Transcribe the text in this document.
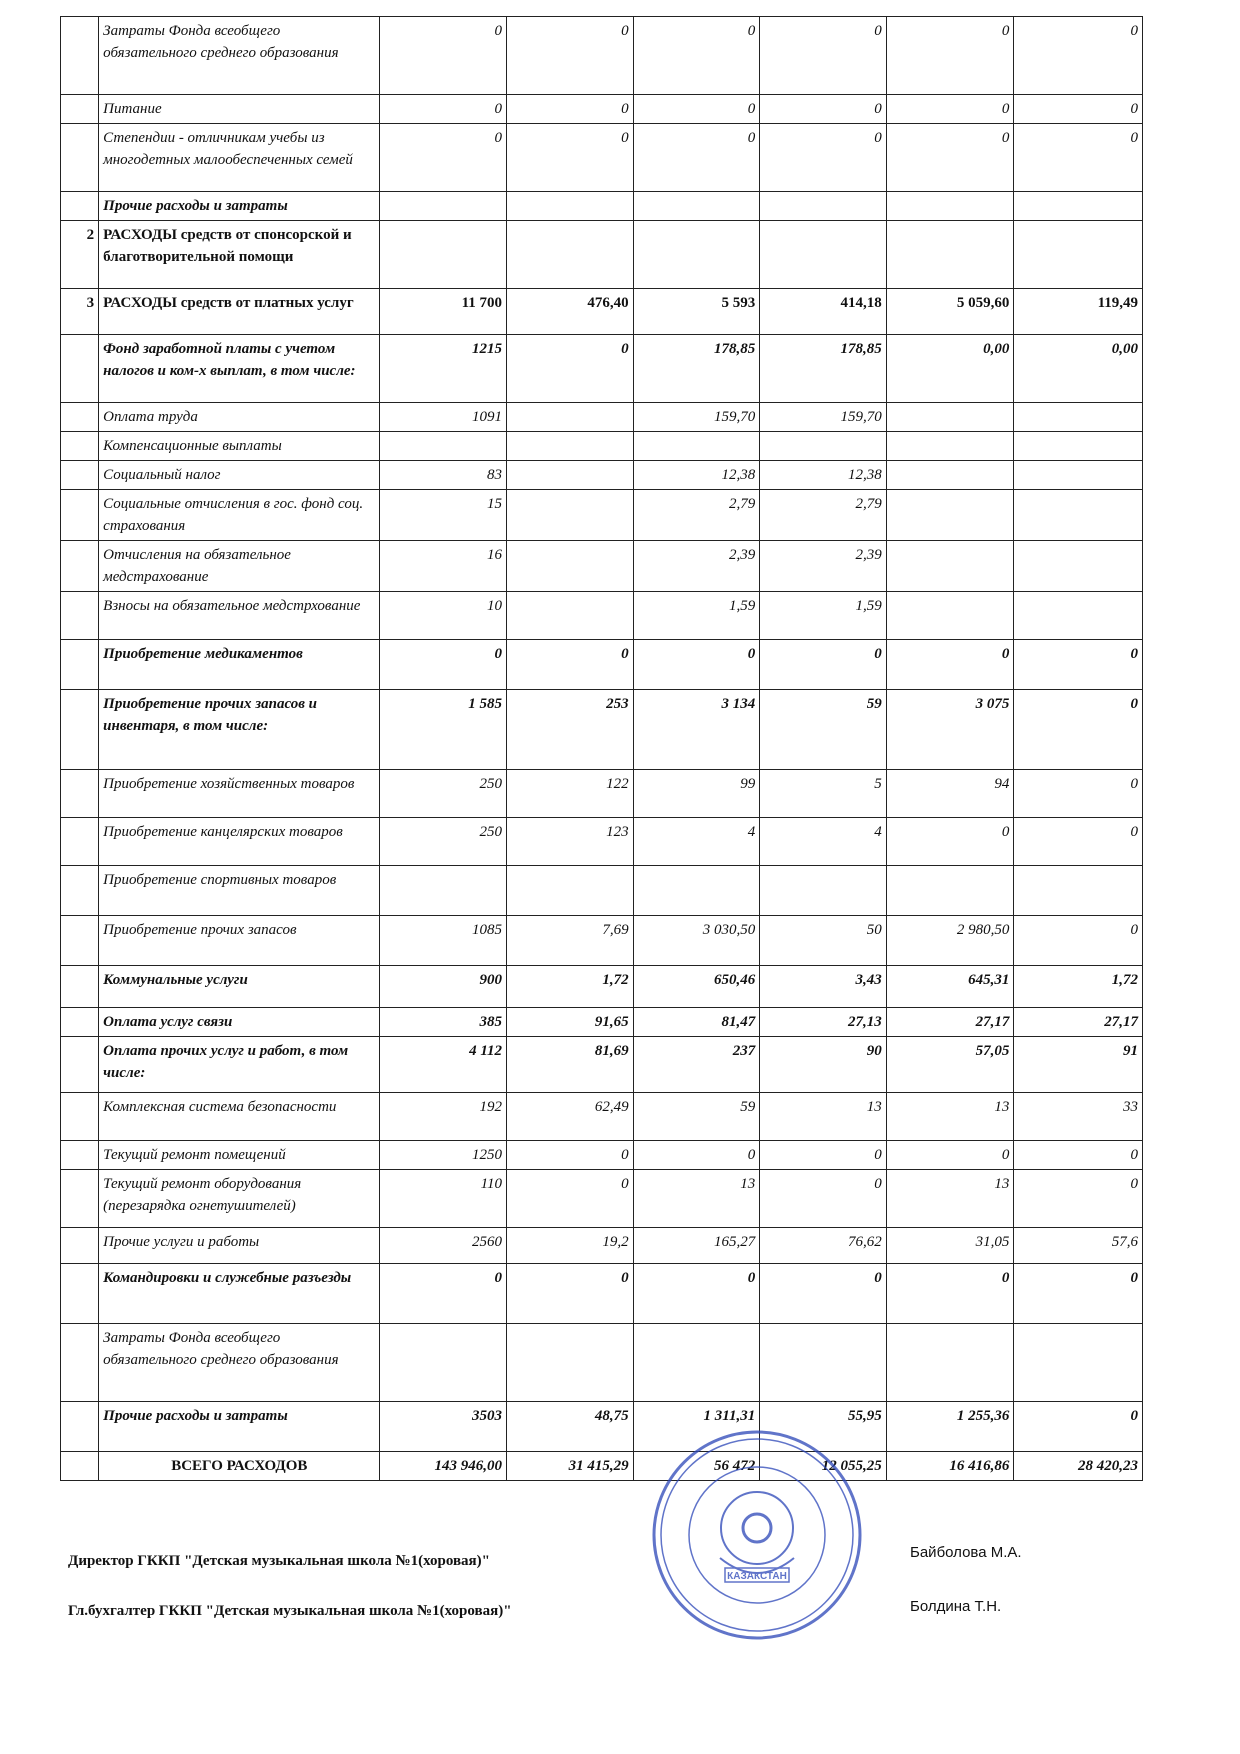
	Затраты Фонда всеобщего обязательного среднего образования	0	0	0	0	0	0
	Питание	0	0	0	0	0	0
	Степендии - отличникам учебы из многодетных малообеспеченных семей	0	0	0	0	0	0
	Прочие расходы и затраты						
2	РАСХОДЫ средств от спонсорской и благотворительной помощи						
3	РАСХОДЫ средств от платных услуг	11 700	476,40	5 593	414,18	5 059,60	119,49
	Фонд заработной платы с учетом налогов и ком-х выплат, в том числе:	1215	0	178,85	178,85	0,00	0,00
	Оплата труда	1091		159,70	159,70		
	Компенсационные выплаты						
	Социальный налог	83		12,38	12,38		
	Социальные отчисления в гос. фонд соц. страхования	15		2,79	2,79		
	Отчисления на обязательное медстрахование	16		2,39	2,39		
	Взносы на обязательное медстрхование	10		1,59	1,59		
	Приобретение медикаментов	0	0	0	0	0	0
	Приобретение прочих запасов и инвентаря, в том числе:	1 585	253	3 134	59	3 075	0
	Приобретение хозяйственных товаров	250	122	99	5	94	0
	Приобретение канцелярских товаров	250	123	4	4	0	0
	Приобретение спортивных товаров						
	Приобретение прочих запасов	1085	7,69	3 030,50	50	2 980,50	0
	Коммунальные услуги	900	1,72	650,46	3,43	645,31	1,72
	Оплата услуг связи	385	91,65	81,47	27,13	27,17	27,17
	Оплата прочих услуг и работ, в том числе:	4 112	81,69	237	90	57,05	91
	Комплексная система безопасности	192	62,49	59	13	13	33
	Текущий ремонт помещений	1250	0	0	0	0	0
	Текущий ремонт оборудования (перезарядка огнетушителей)	110	0	13	0	13	0
	Прочие услуги и работы	2560	19,2	165,27	76,62	31,05	57,6
	Командировки и служебные разъезды	0	0	0	0	0	0
	Затраты Фонда всеобщего обязательного среднего образования						
	Прочие расходы и затраты	3503	48,75	1 311,31	55,95	1 255,36	0
	ВСЕГО РАСХОДОВ	143 946,00	31 415,29	56 472	12 055,25	16 416,86	28 420,23
Директор ГККП "Детская музыкальная школа №1(хоровая)"	Байболова М.А.
Гл.бухгалтер ГККП "Детская музыкальная школа №1(хоровая)"	Болдина Т.Н.
КАЗАКСТАН
